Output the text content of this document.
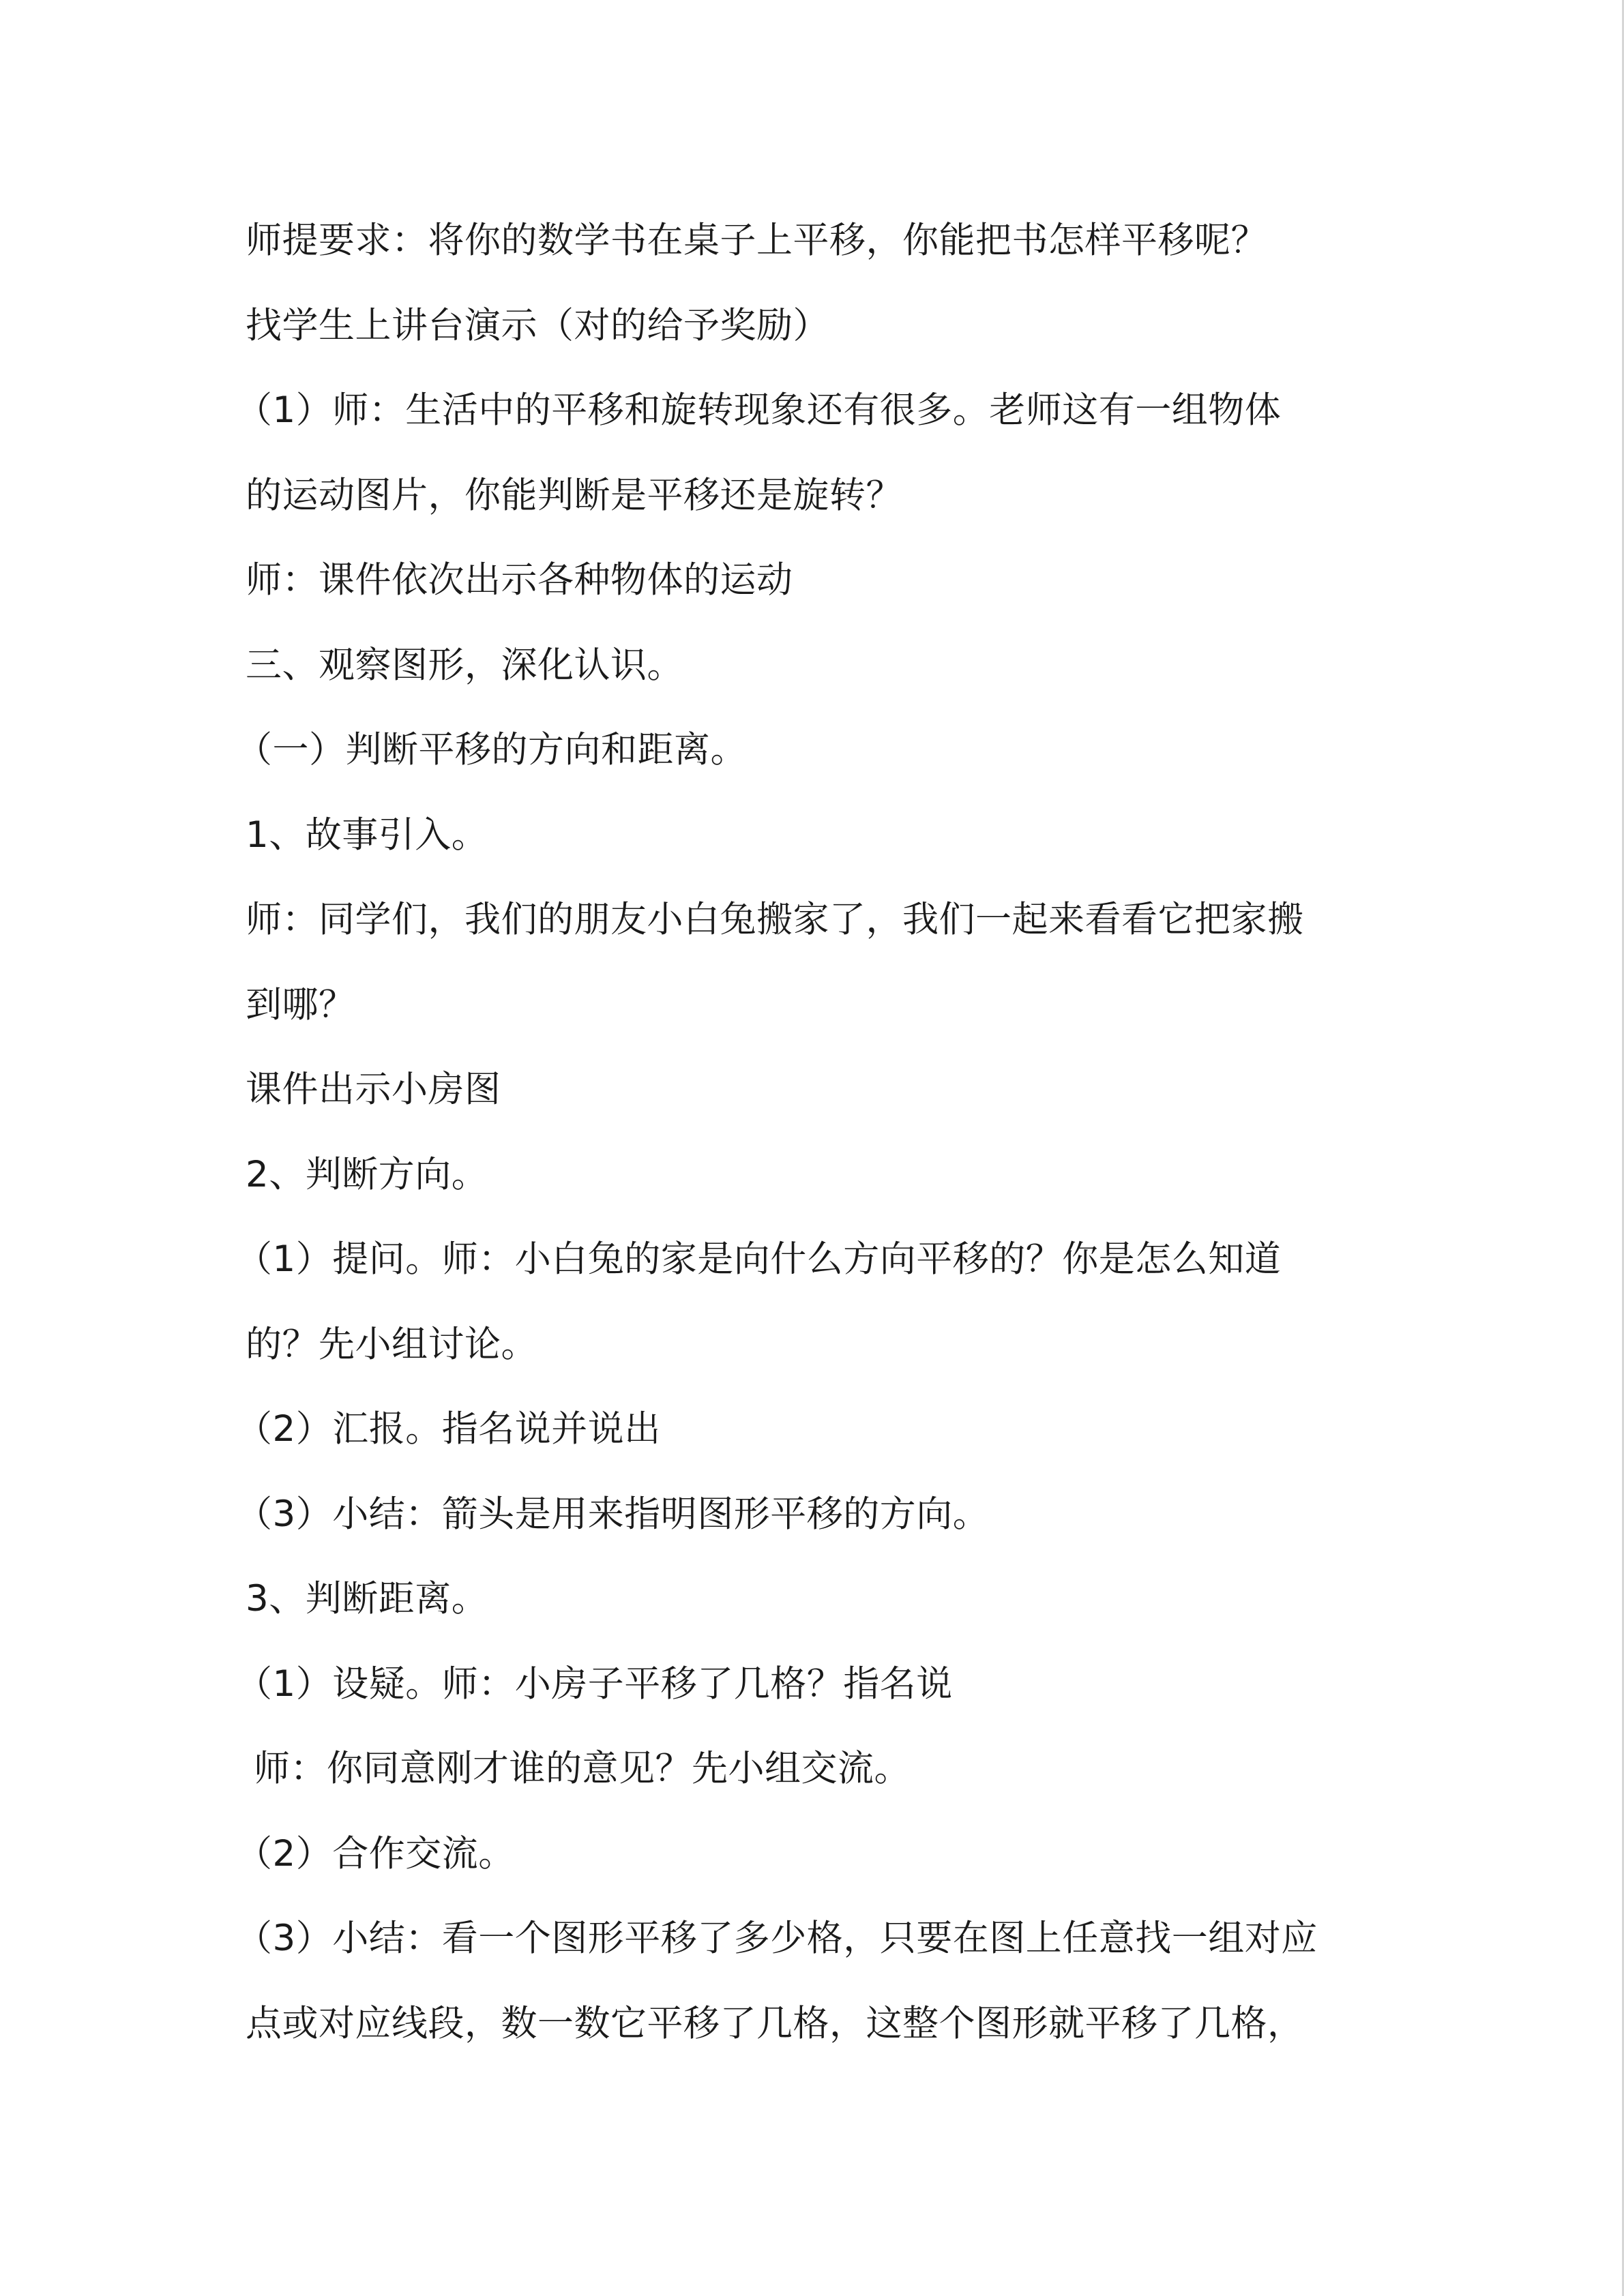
师提要求：将你的数学书在桌子上平移，你能把书怎样平移呢？
找学生上讲台演示（对的给予奖励）
（1）师：生活中的平移和旋转现象还有很多。老师这有一组物体
的运动图片，你能判断是平移还是旋转？
师：课件依次出示各种物体的运动
三、观察图形，深化认识。
（一）判断平移的方向和距离。
1、故事引入。
师：同学们，我们的朋友小白兔搬家了，我们一起来看看它把家搬
到哪？
课件出示小房图
2、判断方向。
（1）提问。师：小白兔的家是向什么方向平移的？你是怎么知道
的？先小组讨论。
（2）汇报。指名说并说出
（3）小结：箭头是用来指明图形平移的方向。
3、判断距离。
（1）设疑。师：小房子平移了几格？指名说
师：你同意刚才谁的意见？先小组交流。
（2）合作交流。
（3）小结：看一个图形平移了多少格，只要在图上任意找一组对应
点或对应线段，数一数它平移了几格，这整个图形就平移了几格，
